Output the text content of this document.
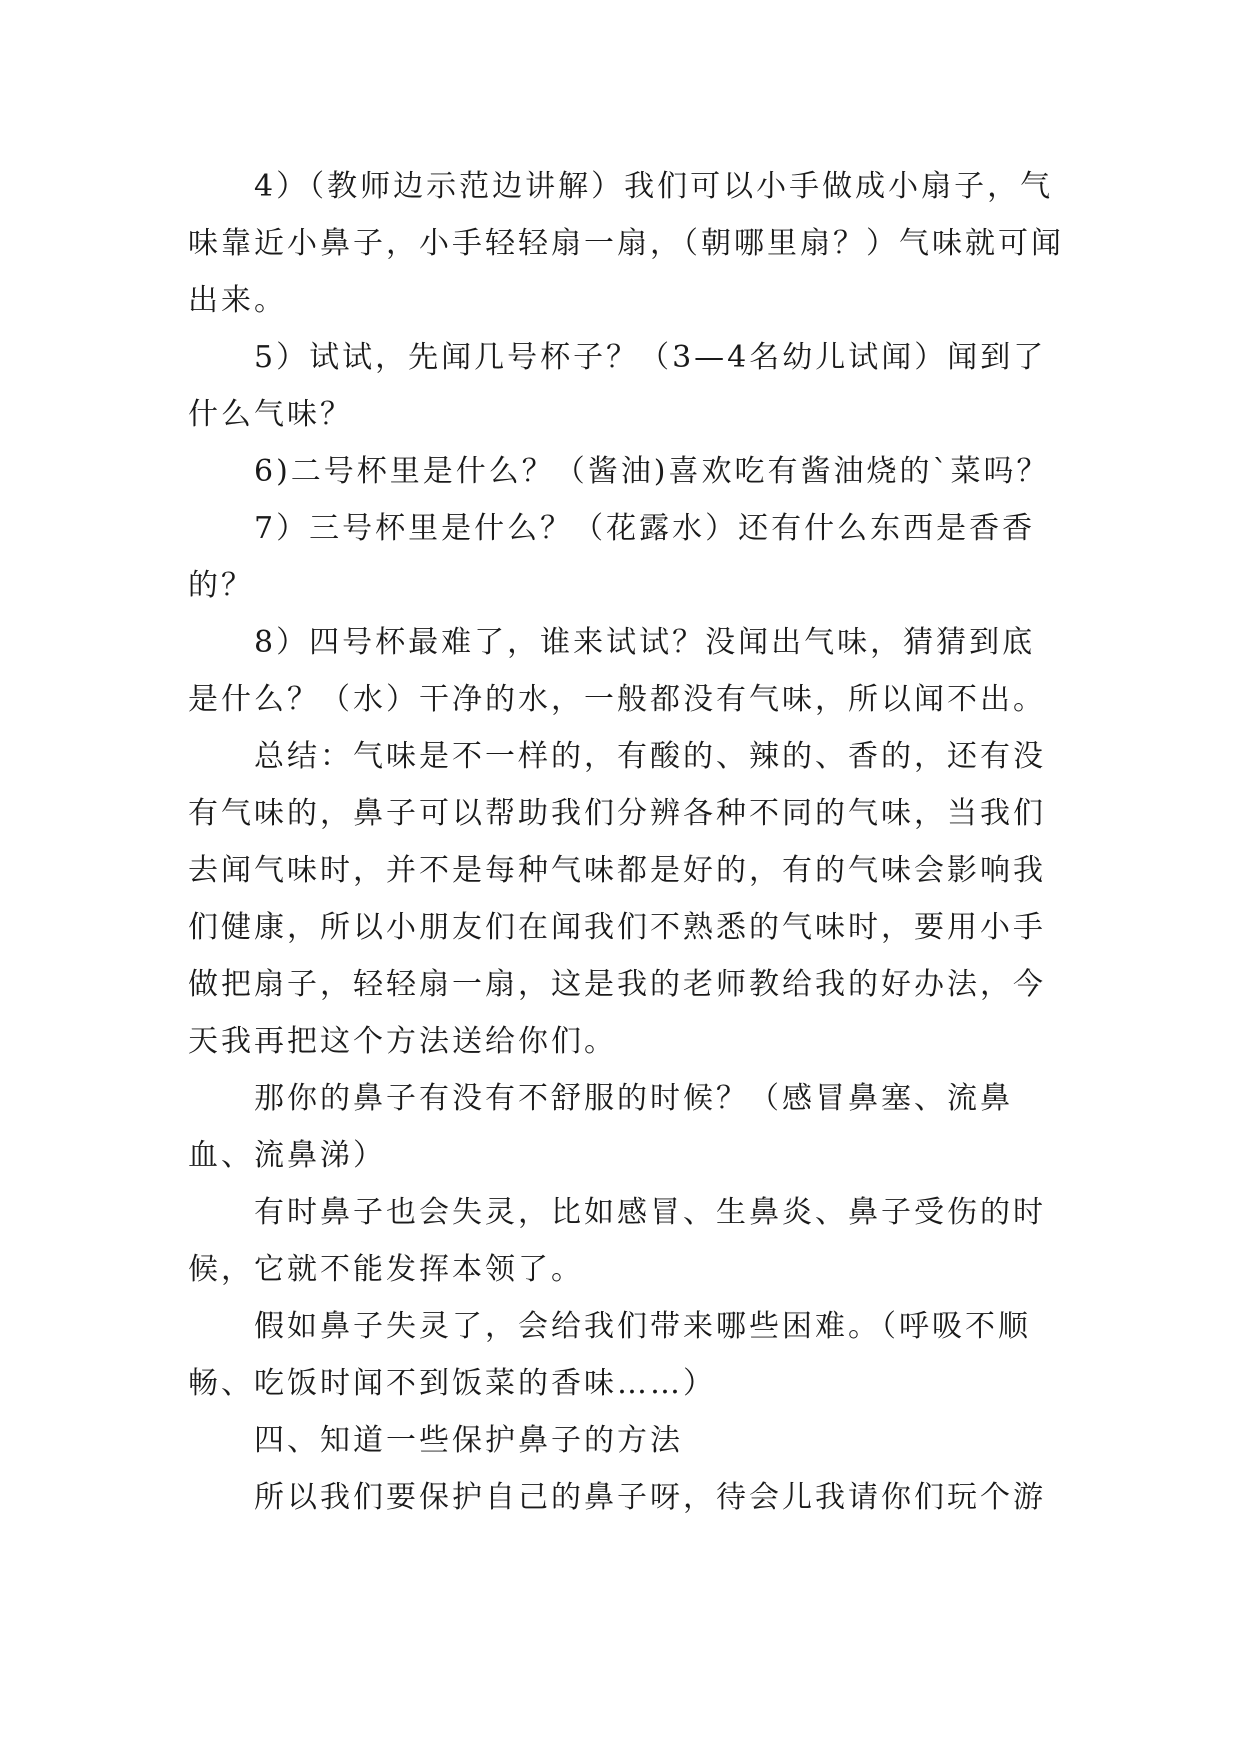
4）（教师边示范边讲解）我们可以小手做成小扇子，气味靠近小鼻子，小手轻轻扇一扇，（朝哪里扇？）气味就可闻出来。

5）试试，先闻几号杯子？（3—4名幼儿试闻）闻到了什么气味？

6)二号杯里是什么？（酱油)喜欢吃有酱油烧的`菜吗？

7）三号杯里是什么？（花露水）还有什么东西是香香的？

8）四号杯最难了，谁来试试？没闻出气味，猜猜到底是什么？（水）干净的水，一般都没有气味，所以闻不出。

总结：气味是不一样的，有酸的、辣的、香的，还有没有气味的，鼻子可以帮助我们分辨各种不同的气味，当我们去闻气味时，并不是每种气味都是好的，有的气味会影响我们健康，所以小朋友们在闻我们不熟悉的气味时，要用小手做把扇子，轻轻扇一扇，这是我的老师教给我的好办法，今天我再把这个方法送给你们。

那你的鼻子有没有不舒服的时候？（感冒鼻塞、流鼻血、流鼻涕）

有时鼻子也会失灵，比如感冒、生鼻炎、鼻子受伤的时候，它就不能发挥本领了。

假如鼻子失灵了，会给我们带来哪些困难。（呼吸不顺畅、吃饭时闻不到饭菜的香味……）

四、知道一些保护鼻子的方法

所以我们要保护自己的鼻子呀，待会儿我请你们玩个游
